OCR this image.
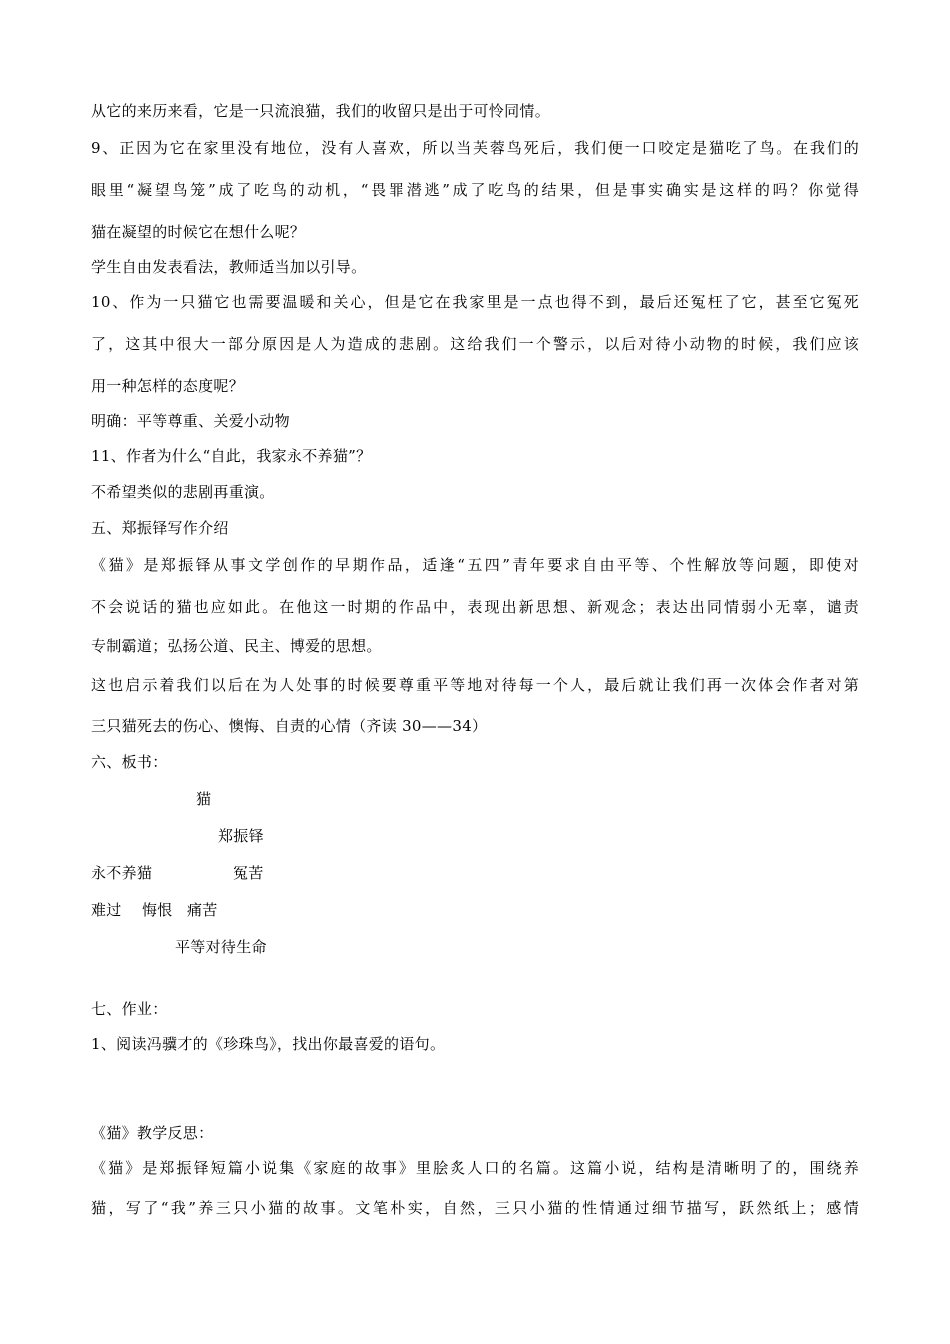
从它的来历来看，它是一只流浪猫，我们的收留只是出于可怜同情。
9、正因为它在家里没有地位，没有人喜欢，所以当芙蓉鸟死后，我们便一口咬定是猫吃了鸟。在我们的
眼里“凝望鸟笼”成了吃鸟的动机，“畏罪潜逃”成了吃鸟的结果，但是事实确实是这样的吗？你觉得
猫在凝望的时候它在想什么呢？
学生自由发表看法，教师适当加以引导。
10、作为一只猫它也需要温暖和关心，但是它在我家里是一点也得不到，最后还冤枉了它，甚至它冤死
了，这其中很大一部分原因是人为造成的悲剧。这给我们一个警示，以后对待小动物的时候，我们应该
用一种怎样的态度呢？
明确：平等尊重、关爱小动物
11、作者为什么“自此，我家永不养猫”？
不希望类似的悲剧再重演。
五、郑振铎写作介绍
《猫》是郑振铎从事文学创作的早期作品，适逢“五四”青年要求自由平等、个性解放等问题，即使对
不会说话的猫也应如此。在他这一时期的作品中，表现出新思想、新观念；表达出同情弱小无辜，谴责
专制霸道；弘扬公道、民主、博爱的思想。
这也启示着我们以后在为人处事的时候要尊重平等地对待每一个人，最后就让我们再一次体会作者对第
三只猫死去的伤心、懊悔、自责的心情（齐读 30——34）
六、板书：
猫
郑振铎
永不养猫	冤苦
难过 悔恨 痛苦
平等对待生命
七、作业：
1、阅读冯骥才的《珍珠鸟》，找出你最喜爱的语句。
《猫》教学反思：
《猫》是郑振铎短篇小说集《家庭的故事》里脍炙人口的名篇。这篇小说，结构是清晰明了的，围绕养
猫，写了“我”养三只小猫的故事。文笔朴实，自然，三只小猫的性情通过细节描写，跃然纸上；感情
